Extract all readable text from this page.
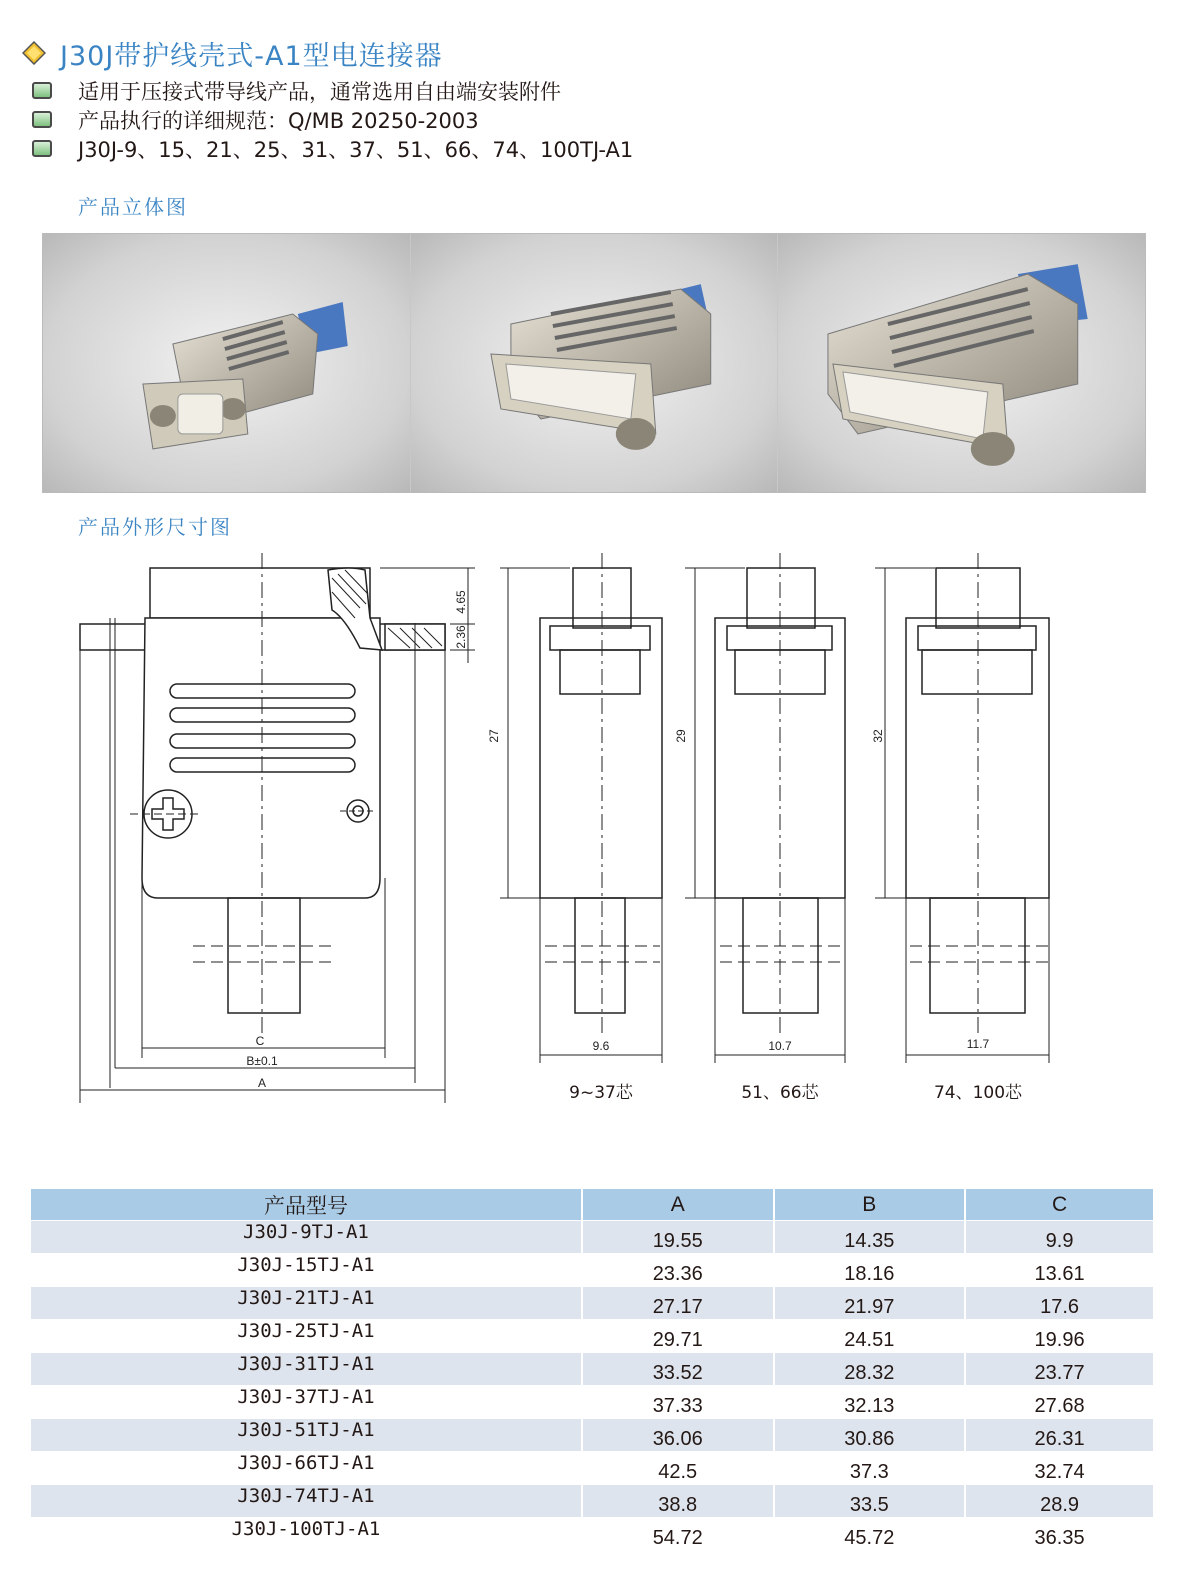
J30J带护线壳式-A1型电连接器
适用于压接式带导线产品，通常选用自由端安装附件
产品执行的详细规范：Q/MB 20250-2003
J30J-9、15、21、25、31、37、51、66、74、100TJ-A1
产品立体图
产品外形尺寸图
C
B±0.1
A
4.65
2.36
27
9.6
29
10.7
32
11.7
9~37芯	51、66芯	74、100芯
产品型号	A	B	C
J30J-9TJ-A1	19.55	14.35	9.9
J30J-15TJ-A1	23.36	18.16	13.61
J30J-21TJ-A1	27.17	21.97	17.6
J30J-25TJ-A1	29.71	24.51	19.96
J30J-31TJ-A1	33.52	28.32	23.77
J30J-37TJ-A1	37.33	32.13	27.68
J30J-51TJ-A1	36.06	30.86	26.31
J30J-66TJ-A1	42.5	37.3	32.74
J30J-74TJ-A1	38.8	33.5	28.9
J30J-100TJ-A1	54.72	45.72	36.35
